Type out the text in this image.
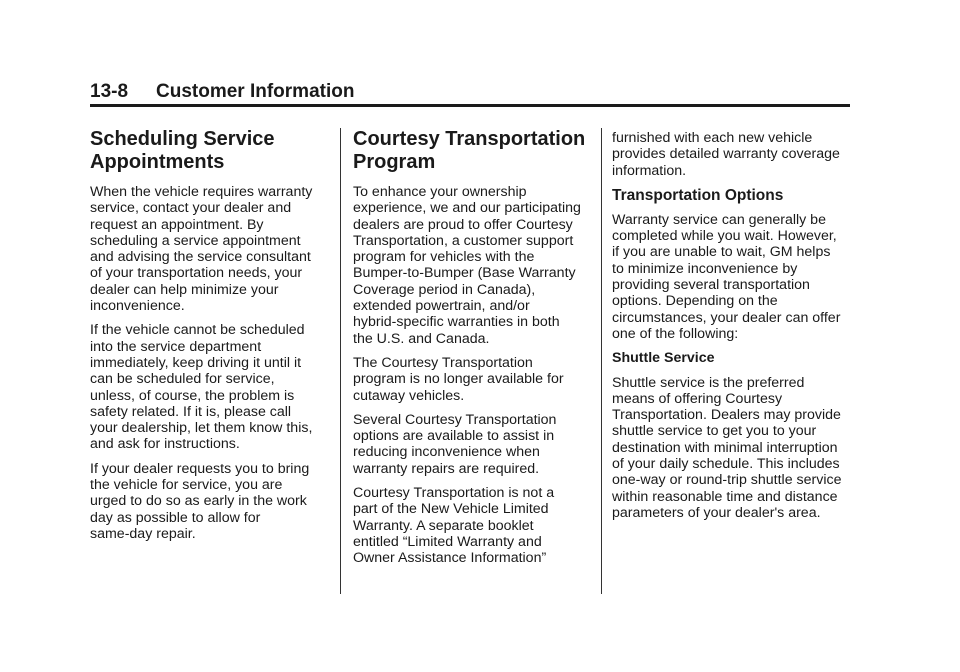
13-8 Customer Information
Scheduling Service
Appointments

When the vehicle requires warranty
service, contact your dealer and
request an appointment. By
scheduling a service appointment
and advising the service consultant
of your transportation needs, your
dealer can help minimize your
inconvenience.

If the vehicle cannot be scheduled
into the service department
immediately, keep driving it until it
can be scheduled for service,
unless, of course, the problem is
safety related. If it is, please call
your dealership, let them know this,
and ask for instructions.

If your dealer requests you to bring
the vehicle for service, you are
urged to do so as early in the work
day as possible to allow for
same-day repair.

Courtesy Transportation
Program

To enhance your ownership
experience, we and our participating
dealers are proud to offer Courtesy
Transportation, a customer support
program for vehicles with the
Bumper-to-Bumper (Base Warranty
Coverage period in Canada),
extended powertrain, and/or
hybrid-specific warranties in both
the U.S. and Canada.

The Courtesy Transportation
program is no longer available for
cutaway vehicles.

Several Courtesy Transportation
options are available to assist in
reducing inconvenience when
warranty repairs are required.

Courtesy Transportation is not a
part of the New Vehicle Limited
Warranty. A separate booklet
entitled “Limited Warranty and
Owner Assistance Information”

furnished with each new vehicle
provides detailed warranty coverage
information.

Transportation Options

Warranty service can generally be
completed while you wait. However,
if you are unable to wait, GM helps
to minimize inconvenience by
providing several transportation
options. Depending on the
circumstances, your dealer can offer
one of the following:

Shuttle Service

Shuttle service is the preferred
means of offering Courtesy
Transportation. Dealers may provide
shuttle service to get you to your
destination with minimal interruption
of your daily schedule. This includes
one-way or round-trip shuttle service
within reasonable time and distance
parameters of your dealer's area.
